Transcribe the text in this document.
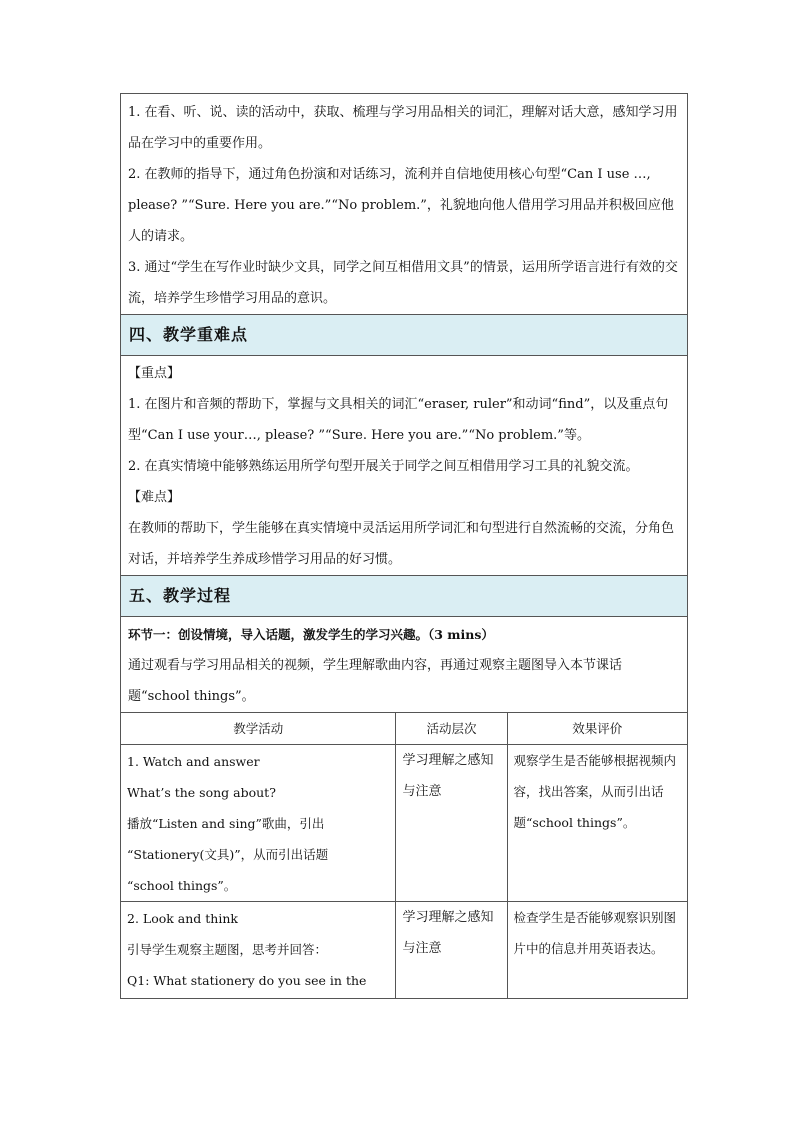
1. 在看、听、说、读的活动中，获取、梳理与学习用品相关的词汇，理解对话大意，感知学习用品在学习中的重要作用。

2. 在教师的指导下，通过角色扮演和对话练习，流利并自信地使用核心句型“Can I use …, please? ”“Sure. Here you are.”“No problem.”，礼貌地向他人借用学习用品并积极回应他人的请求。

3. 通过“学生在写作业时缺少文具，同学之间互相借用文具”的情景，运用所学语言进行有效的交流，培养学生珍惜学习用品的意识。

四、教学重难点

【重点】

1. 在图片和音频的帮助下，掌握与文具相关的词汇“eraser, ruler”和动词“find”，以及重点句型“Can I use your…, please? ”“Sure. Here you are.”“No problem.”等。

2. 在真实情境中能够熟练运用所学句型开展关于同学之间互相借用学习工具的礼貌交流。

【难点】

在教师的帮助下，学生能够在真实情境中灵活运用所学词汇和句型进行自然流畅的交流，分角色对话，并培养学生养成珍惜学习用品的好习惯。

五、教学过程

环节一：创设情境，导入话题，激发学生的学习兴趣。（3 mins）

通过观看与学习用品相关的视频，学生理解歌曲内容，再通过观察主题图导入本节课话题“school things”。

教学活动	活动层次	效果评价

1. Watch and answer
What’s the song about?
播放“Listen and sing”歌曲，引出
“Stationery(文具)”，从而引出话题
“school things”。	学习理解之感知与注意	观察学生是否能够根据视频内容，找出答案，从而引出话题“school things”。

2. Look and think
引导学生观察主题图，思考并回答：
Q1: What stationery do you see in the	学习理解之感知与注意	检查学生是否能够观察识别图片中的信息并用英语表达。
